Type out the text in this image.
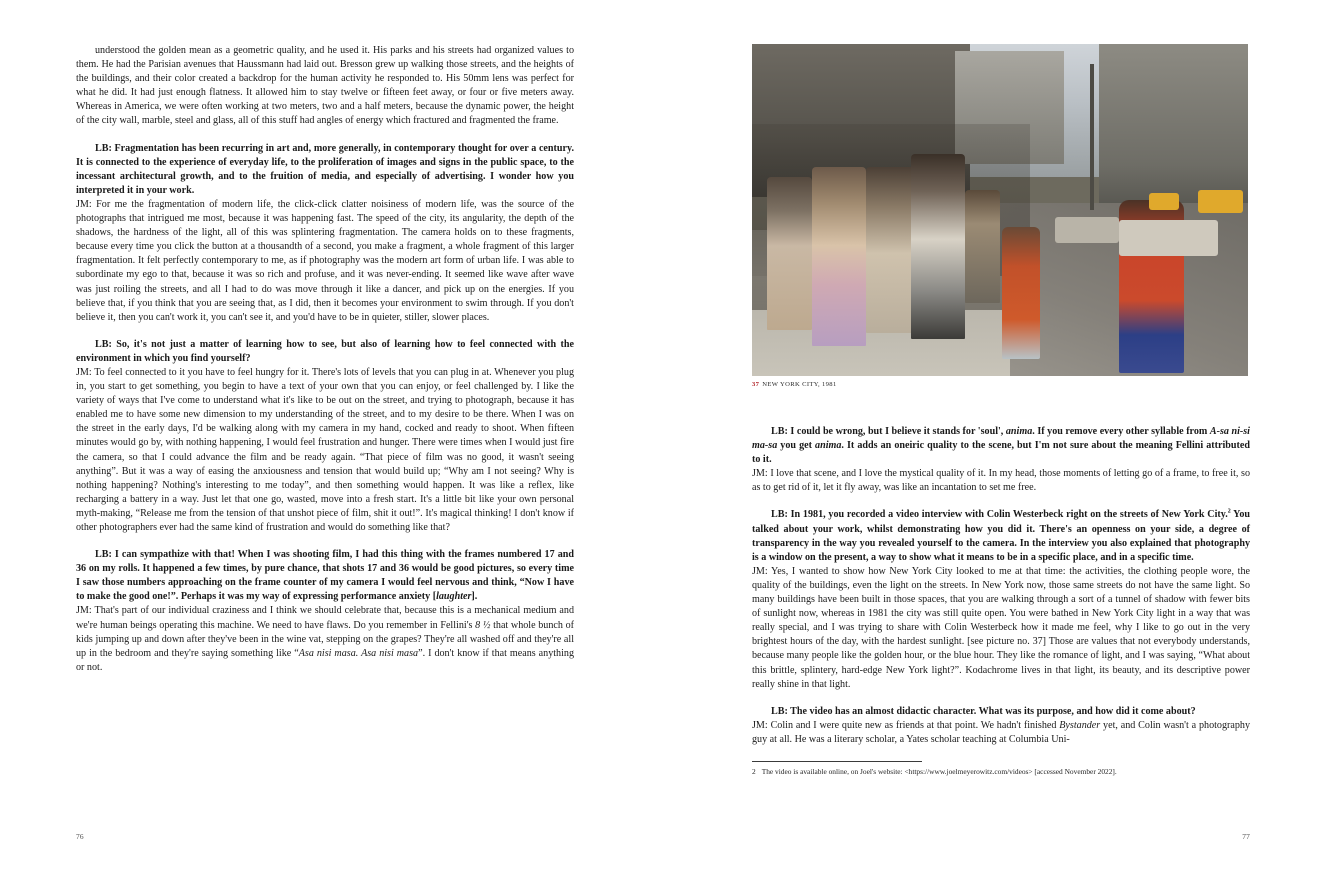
understood the golden mean as a geometric quality, and he used it. His parks and his streets had organized values to them. He had the Parisian avenues that Haussmann had laid out. Bresson grew up walking those streets, and the heights of the buildings, and their color created a backdrop for the human activity he responded to. His 50mm lens was perfect for what he did. It had just enough flatness. It allowed him to stay twelve or fifteen feet away, or four or five meters away. Whereas in America, we were often working at two meters, two and a half meters, because the dynamic power, the height of the city wall, marble, steel and glass, all of this stuff had angles of energy which fractured and fragmented the frame.

LB: Fragmentation has been recurring in art and, more generally, in contemporary thought for over a century. It is connected to the experience of everyday life, to the proliferation of images and signs in the public space, to the incessant architectural growth, and to the fruition of media, and especially of advertising. I wonder how you interpreted it in your work.

JM: For me the fragmentation of modern life, the click-click clatter noisiness of modern life, was the source of the photographs that intrigued me most, because it was happening fast. The speed of the city, its angularity, the depth of the shadows, the hardness of the light, all of this was splintering fragmentation. The camera holds on to these fragments, because every time you click the button at a thousandth of a second, you make a fragment, a whole fragment of this larger fragmentation. It felt perfectly contemporary to me, as if photography was the modern art form of urban life. I was able to subordinate my ego to that, because it was so rich and profuse, and it was never-ending. It seemed like wave after wave was just roiling the streets, and all I had to do was move through it like a dancer, and pick up on the energies. If you believe that, if you think that you are seeing that, as I did, then it becomes your environment to swim through. If you don't believe it, then you can't work it, you can't see it, and you'd have to be in quieter, stiller, slower places.

LB: So, it's not just a matter of learning how to see, but also of learning how to feel connected with the environment in which you find yourself?

JM: To feel connected to it you have to feel hungry for it. There's lots of levels that you can plug in at. Whenever you plug in, you start to get something, you begin to have a text of your own that you can enjoy, or feel challenged by. I like the variety of ways that I've come to understand what it's like to be out on the street, and trying to photograph, because it has enabled me to have some new dimension to my understanding of the street, and to my desire to be there. When I was on the street in the early days, I'd be walking along with my camera in my hand, cocked and ready to shoot. When fifteen minutes would go by, with nothing happening, I would feel frustration and hunger. There were times when I would just fire the camera, so that I could advance the film and be ready again. “That piece of film was no good, it wasn't seeing anything”. But it was a way of easing the anxiousness and tension that would build up; “Why am I not seeing? Why is nothing happening? Nothing's interesting to me today”, and then something would happen. It was like a reflex, like recharging a battery in a way. Just let that one go, wasted, move into a fresh start. It's a little bit like your own personal myth-making, “Release me from the tension of that unshot piece of film, shit it out!”. It's magical thinking! I don't know if other photographers ever had the same kind of frustration and would do something like that?

LB: I can sympathize with that! When I was shooting film, I had this thing with the frames numbered 17 and 36 on my rolls. It happened a few times, by pure chance, that shots 17 and 36 would be good pictures, so every time I saw those numbers approaching on the frame counter of my camera I would feel nervous and think, “Now I have to make the good one!”. Perhaps it was my way of expressing performance anxiety [laughter].

JM: That's part of our individual craziness and I think we should celebrate that, because this is a mechanical medium and we're human beings operating this machine. We need to have flaws. Do you remember in Fellini's 8 ½ that whole bunch of kids jumping up and down after they've been in the wine vat, stepping on the grapes? They're all washed off and they're all up in the bedroom and they're saying something like “Asa nisi masa. Asa nisi masa”. I don't know if that means anything or not.

76
37 NEW YORK CITY, 1981

LB: I could be wrong, but I believe it stands for 'soul', anima. If you remove every other syllable from A-sa ni-si ma-sa you get anima. It adds an oneiric quality to the scene, but I'm not sure about the meaning Fellini attributed to it.

JM: I love that scene, and I love the mystical quality of it. In my head, those moments of letting go of a frame, to free it, so as to get rid of it, let it fly away, was like an incantation to set me free.

LB: In 1981, you recorded a video interview with Colin Westerbeck right on the streets of New York City.$^2$ You talked about your work, whilst demonstrating how you did it. There's an openness on your side, a degree of transparency in the way you revealed yourself to the camera. In the interview you also explained that photography is a window on the present, a way to show what it means to be in a specific place, and in a specific time.

JM: Yes, I wanted to show how New York City looked to me at that time: the activities, the clothing people wore, the quality of the buildings, even the light on the streets. In New York now, those same streets do not have the same light. So many buildings have been built in those spaces, that you are walking through a sort of a tunnel of shadow with fewer bits of sunlight now, whereas in 1981 the city was still quite open. You were bathed in New York City light in a way that was really special, and I was trying to share with Colin Westerbeck how it made me feel, why I like to go out in the very brightest hours of the day, with the hardest sunlight. [see picture no. 37] Those are values that not everybody understands, because many people like the golden hour, or the blue hour. They like the romance of light, and I was saying, “What about this brittle, splintery, hard-edge New York light?”. Kodachrome lives in that light, its beauty, and its descriptive power really shine in that light.

LB: The video has an almost didactic character. What was its purpose, and how did it come about?

JM: Colin and I were quite new as friends at that point. We hadn't finished Bystander yet, and Colin wasn't a photography guy at all. He was a literary scholar, a Yates scholar teaching at Columbia Uni-

2 The video is available online, on Joel's website: <https://www.joelmeyerowitz.com/videos> [accessed November 2022].
77
